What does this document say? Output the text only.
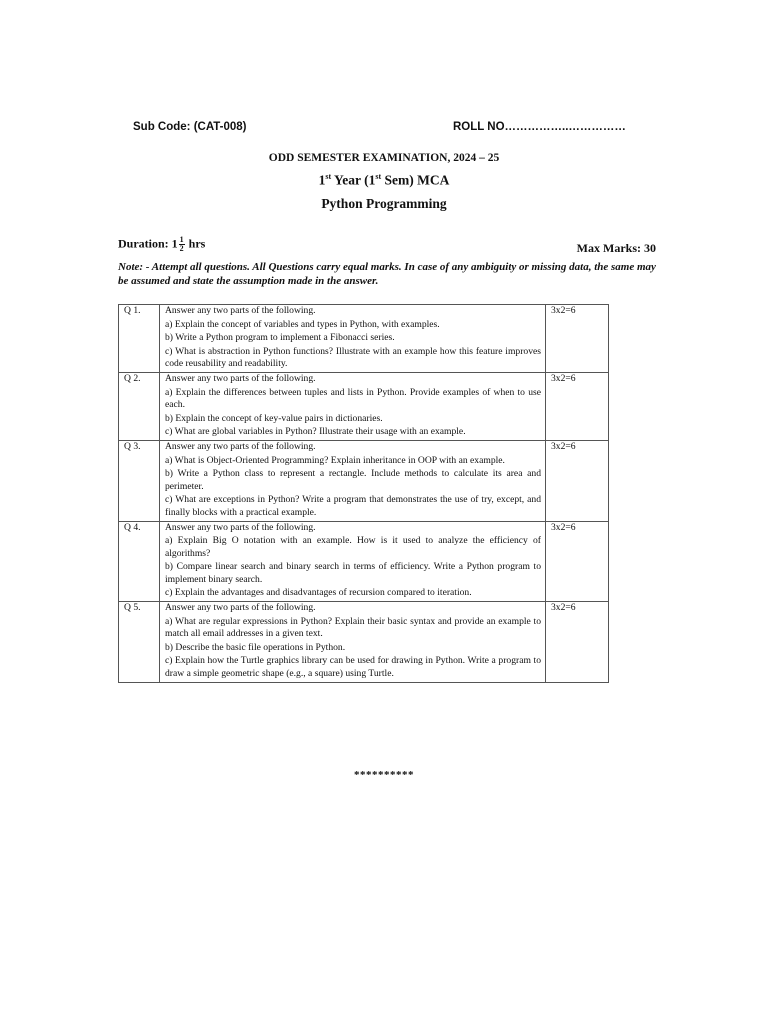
Sub Code: (CAT-008)	ROLL NO……………..……………
ODD SEMESTER EXAMINATION, 2024 – 25
1st Year (1st Sem) MCA
Python Programming
Duration: $1 \frac{1}{2}$ hrs	Max Marks: 30
Note: - Attempt all questions. All Questions carry equal marks. In case of any ambiguity or missing data, the same may be assumed and state the assumption made in the answer.
Q 1.	Answer any two parts of the following.
a) Explain the concept of variables and types in Python, with examples.
b) Write a Python program to implement a Fibonacci series.
c) What is abstraction in Python functions? Illustrate with an example how this feature improves code reusability and readability.	3x2=6
Q 2.	Answer any two parts of the following.
a) Explain the differences between tuples and lists in Python. Provide examples of when to use each.
b) Explain the concept of key-value pairs in dictionaries.
c) What are global variables in Python? Illustrate their usage with an example.	3x2=6
Q 3.	Answer any two parts of the following.
a) What is Object-Oriented Programming? Explain inheritance in OOP with an example.
b) Write a Python class to represent a rectangle. Include methods to calculate its area and perimeter.
c) What are exceptions in Python? Write a program that demonstrates the use of try, except, and finally blocks with a practical example.	3x2=6
Q 4.	Answer any two parts of the following.
a) Explain Big O notation with an example. How is it used to analyze the efficiency of algorithms?
b) Compare linear search and binary search in terms of efficiency. Write a Python program to implement binary search.
c) Explain the advantages and disadvantages of recursion compared to iteration.	3x2=6
Q 5.	Answer any two parts of the following.
a) What are regular expressions in Python? Explain their basic syntax and provide an example to match all email addresses in a given text.
b) Describe the basic file operations in Python.
c) Explain how the Turtle graphics library can be used for drawing in Python. Write a program to draw a simple geometric shape (e.g., a square) using Turtle.	3x2=6
**********
